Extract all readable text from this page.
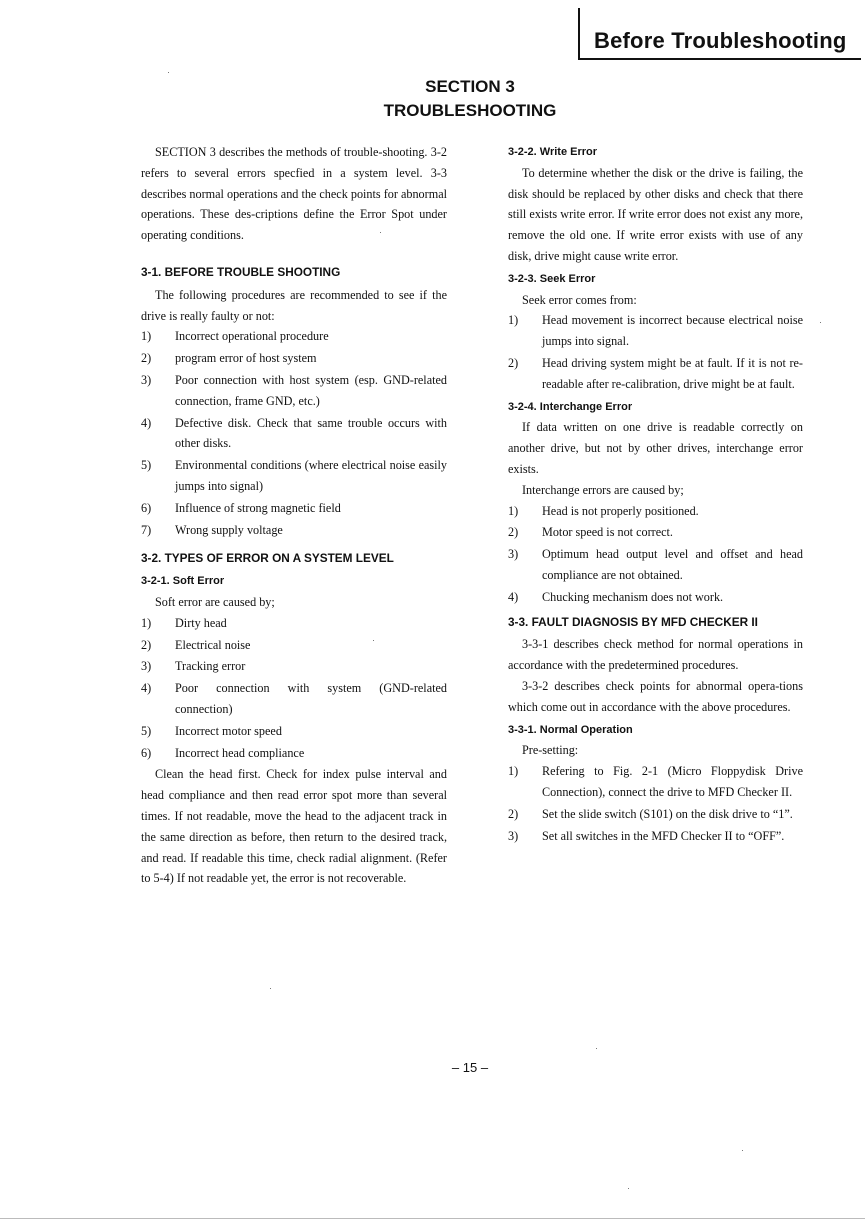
Before Troubleshooting
SECTION 3
TROUBLESHOOTING

SECTION 3 describes the methods of trouble-shooting. 3-2 refers to several errors specfied in a system level. 3-3 describes normal operations and the check points for abnormal operations. These des-criptions define the Error Spot under operating conditions.

3-1. BEFORE TROUBLE SHOOTING

The following procedures are recommended to see if the drive is really faulty or not:

1) Incorrect operational procedure
2) program error of host system
3) Poor connection with host system (esp. GND-related connection, frame GND, etc.)
4) Defective disk. Check that same trouble occurs with other disks.
5) Environmental conditions (where electrical noise easily jumps into signal)
6) Influence of strong magnetic field
7) Wrong supply voltage
3-2. TYPES OF ERROR ON A SYSTEM LEVEL
3-2-1. Soft Error

Soft error are caused by;

1) Dirty head
2) Electrical noise
3) Tracking error
4) Poor connection with system (GND-related connection)
5) Incorrect motor speed
6) Incorrect head compliance

Clean the head first. Check for index pulse interval and head compliance and then read error spot more than several times. If not readable, move the head to the adjacent track in the same direction as before, then return to the desired track, and read. If readable this time, check radial alignment. (Refer to 5-4) If not readable yet, the error is not recoverable.

3-2-2. Write Error

To determine whether the disk or the drive is failing, the disk should be replaced by other disks and check that there still exists write error. If write error does not exist any more, remove the old one. If write error exists with use of any disk, drive might cause write error.

3-2-3. Seek Error

Seek error comes from:

1) Head movement is incorrect because electrical noise jumps into signal.
2) Head driving system might be at fault. If it is not re-readable after re-calibration, drive might be at fault.
3-2-4. Interchange Error

If data written on one drive is readable correctly on another drive, but not by other drives, interchange error exists.

Interchange errors are caused by;

1) Head is not properly positioned.
2) Motor speed is not correct.
3) Optimum head output level and offset and head compliance are not obtained.
4) Chucking mechanism does not work.
3-3. FAULT DIAGNOSIS BY MFD CHECKER II

3-3-1 describes check method for normal operations in accordance with the predetermined procedures.

3-3-2 describes check points for abnormal opera-tions which come out in accordance with the above procedures.

3-3-1. Normal Operation

Pre-setting:

1) Refering to Fig. 2-1 (Micro Floppydisk Drive Connection), connect the drive to MFD Checker II.
2) Set the slide switch (S101) on the disk drive to “1”.
3) Set all switches in the MFD Checker II to “OFF”.
– 15 –
